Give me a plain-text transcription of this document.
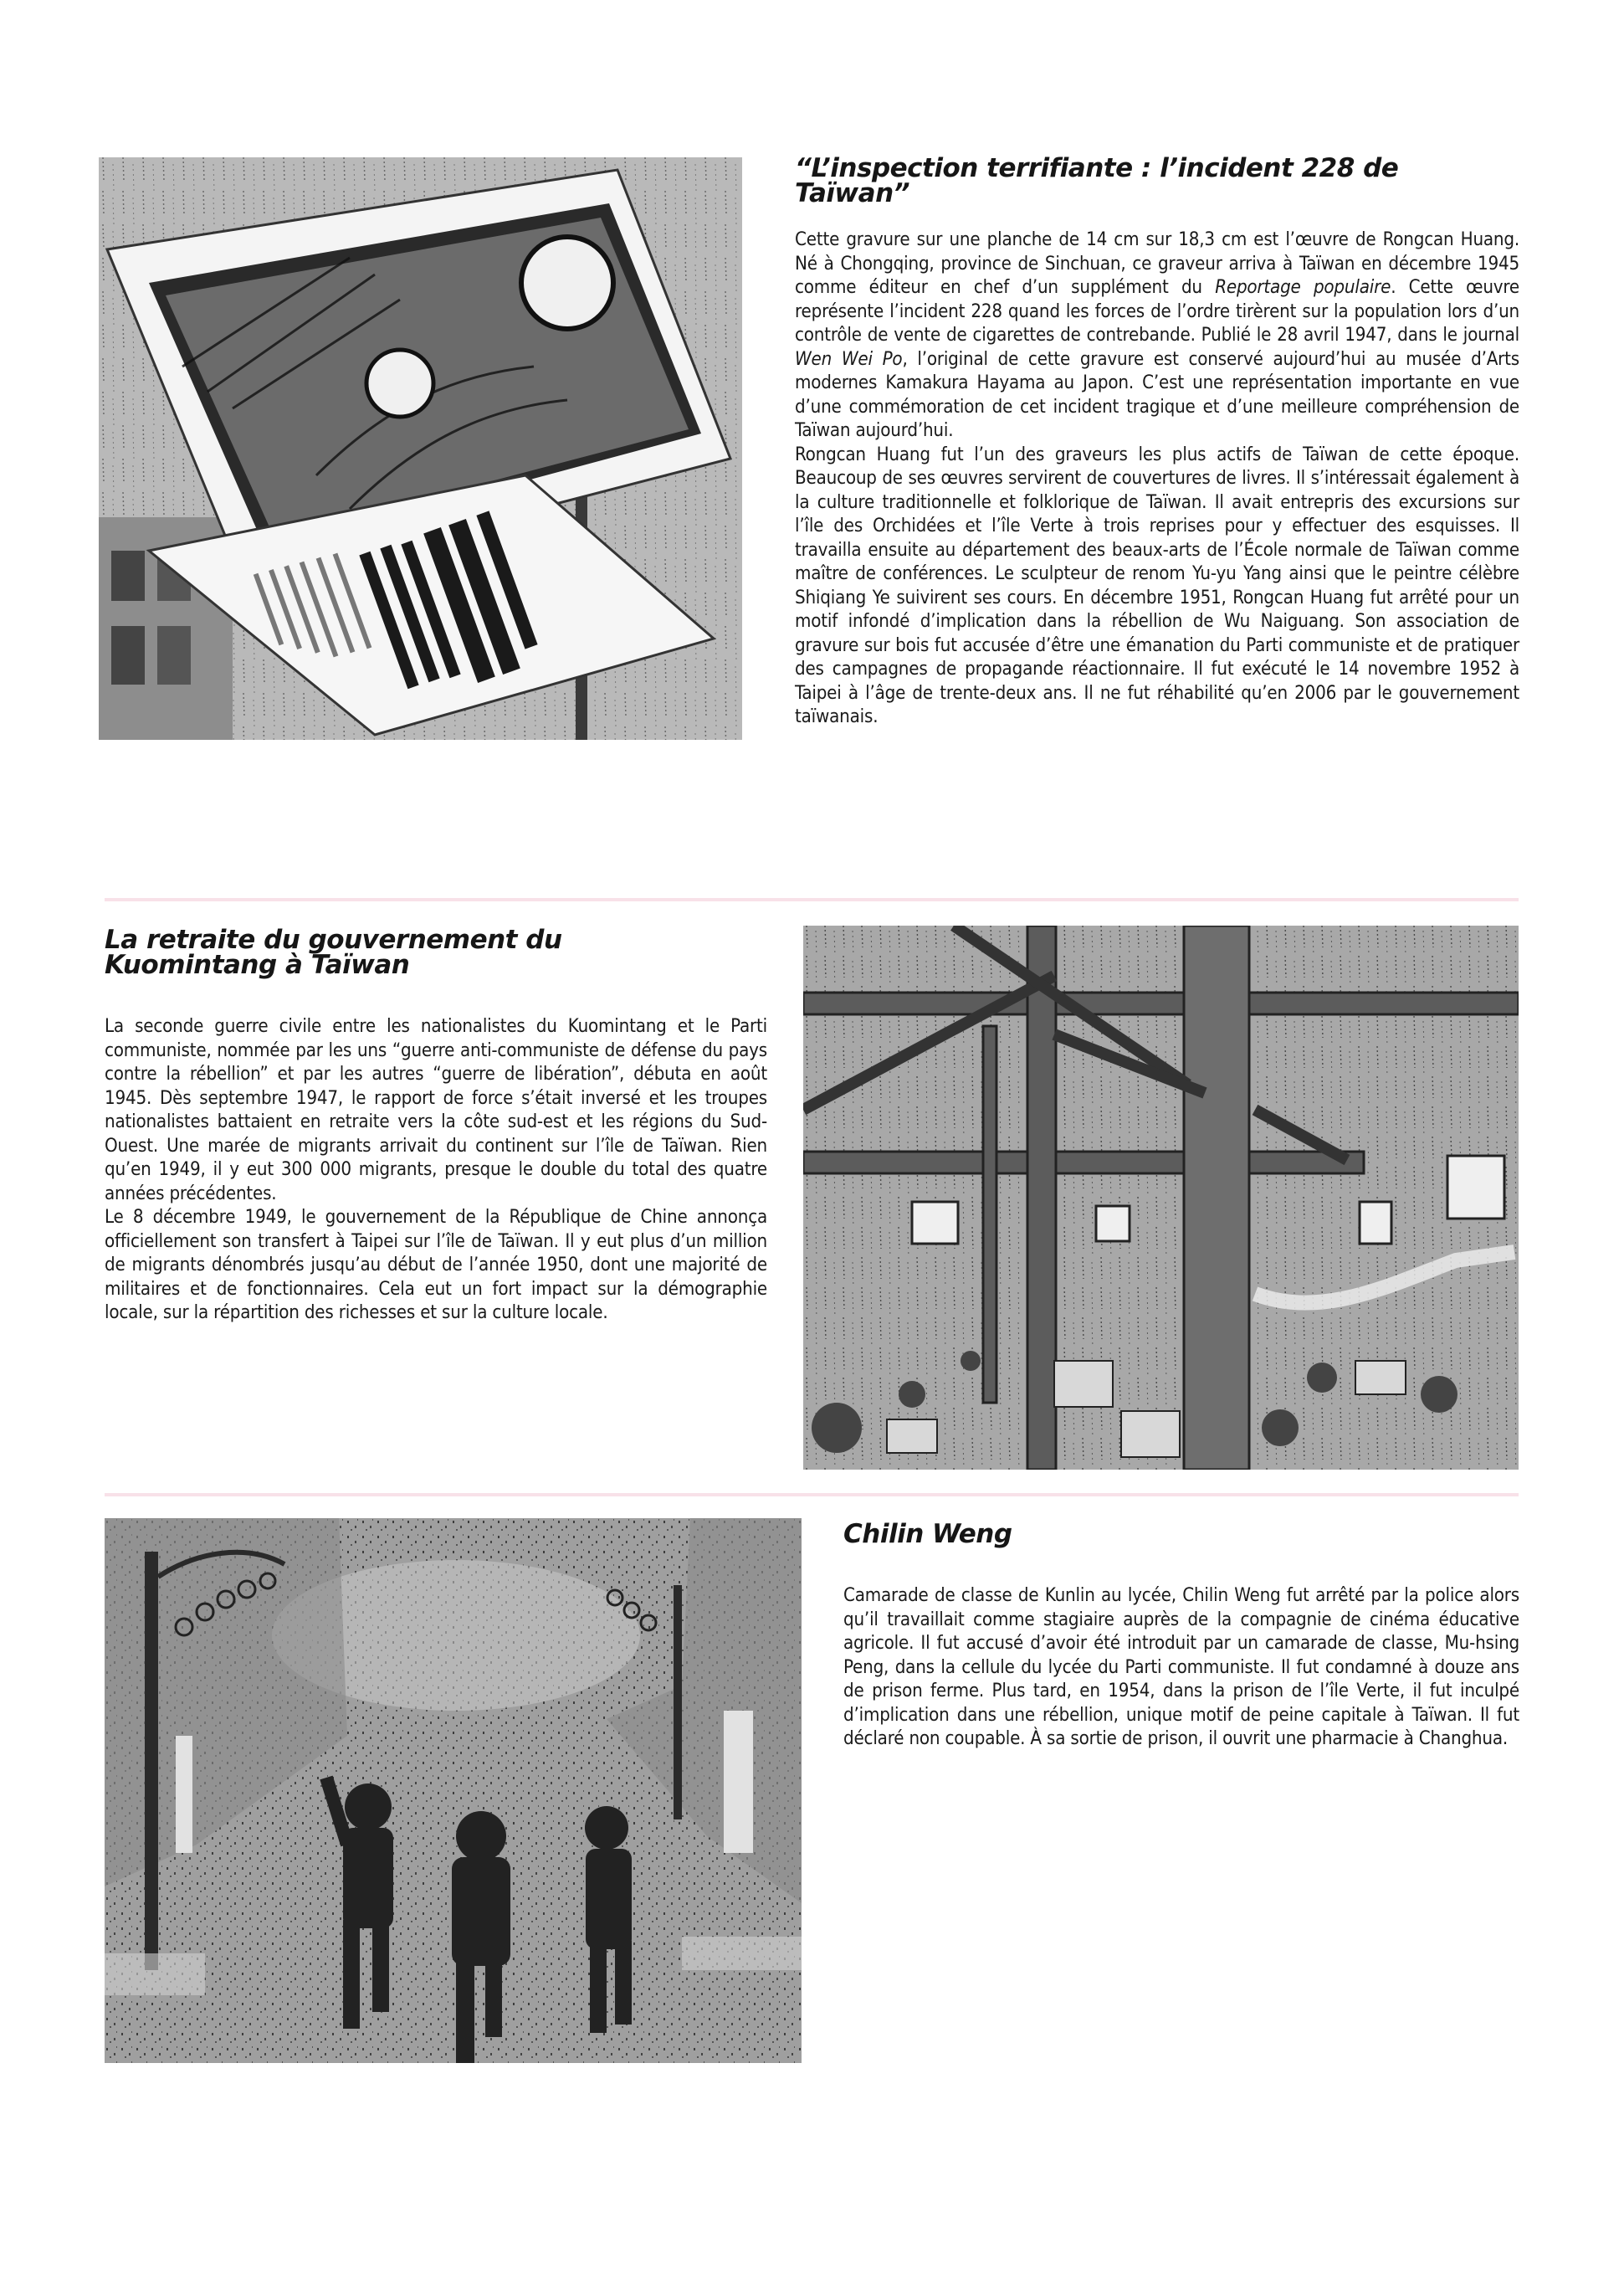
“L’inspection terrifiante : l’incident 228 de Taïwan”

Cette gravure sur une planche de 14 cm sur 18,3 cm est l’œuvre de Rongcan Huang. Né à Chongqing, province de Sinchuan, ce graveur arriva à Taïwan en décembre 1945 comme éditeur en chef d’un supplément du Reportage populaire. Cette œuvre représente l’incident 228 quand les forces de l’ordre tirèrent sur la population lors d’un contrôle de vente de cigarettes de contrebande. Publié le 28 avril 1947, dans le journal Wen Wei Po, l’original de cette gravure est conservé aujourd’hui au musée d’Arts modernes Kamakura Hayama au Japon. C’est une représentation importante en vue d’une commémoration de cet incident tragique et d’une meilleure compréhension de Taïwan aujourd’hui.

Rongcan Huang fut l’un des graveurs les plus actifs de Taïwan de cette époque. Beaucoup de ses œuvres servirent de couvertures de livres. Il s’intéressait également à la culture traditionnelle et folklorique de Taïwan. Il avait entrepris des excursions sur l’île des Orchidées et l’île Verte à trois reprises pour y effectuer des esquisses. Il travailla ensuite au département des beaux-arts de l’École normale de Taïwan comme maître de conférences. Le sculpteur de renom Yu-yu Yang ainsi que le peintre célèbre Shiqiang Ye suivirent ses cours. En décembre 1951, Rongcan Huang fut arrêté pour un motif infondé d’implication dans la rébellion de Wu Naiguang. Son association de gravure sur bois fut accusée d’être une émanation du Parti communiste et de pratiquer des campagnes de propagande réactionnaire. Il fut exécuté le 14 novembre 1952 à Taipei à l’âge de trente-deux ans. Il ne fut réhabilité qu’en 2006 par le gouvernement taïwanais.

La retraite du gouvernement du Kuomintang à Taïwan

La seconde guerre civile entre les nationalistes du Kuomintang et le Parti communiste, nommée par les uns “guerre anti-communiste de défense du pays contre la rébellion” et par les autres “guerre de libération”, débuta en août 1945. Dès septembre 1947, le rapport de force s’était inversé et les troupes nationalistes battaient en retraite vers la côte sud-est et les régions du Sud-Ouest. Une marée de migrants arrivait du continent sur l’île de Taïwan. Rien qu’en 1949, il y eut 300 000 migrants, presque le double du total des quatre années précédentes.

Le 8 décembre 1949, le gouvernement de la République de Chine annonça officiellement son transfert à Taipei sur l’île de Taïwan. Il y eut plus d’un million de migrants dénombrés jusqu’au début de l’année 1950, dont une majorité de militaires et de fonctionnaires. Cela eut un fort impact sur la démographie locale, sur la répartition des richesses et sur la culture locale.

Chilin Weng

Camarade de classe de Kunlin au lycée, Chilin Weng fut arrêté par la police alors qu’il travaillait comme stagiaire auprès de la compagnie de cinéma éducative agricole. Il fut accusé d’avoir été introduit par un camarade de classe, Mu-hsing Peng, dans la cellule du lycée du Parti communiste. Il fut condamné à douze ans de prison ferme. Plus tard, en 1954, dans la prison de l’île Verte, il fut inculpé d’implication dans une rébellion, unique motif de peine capitale à Taïwan. Il fut déclaré non coupable. À sa sortie de prison, il ouvrit une pharmacie à Changhua.
